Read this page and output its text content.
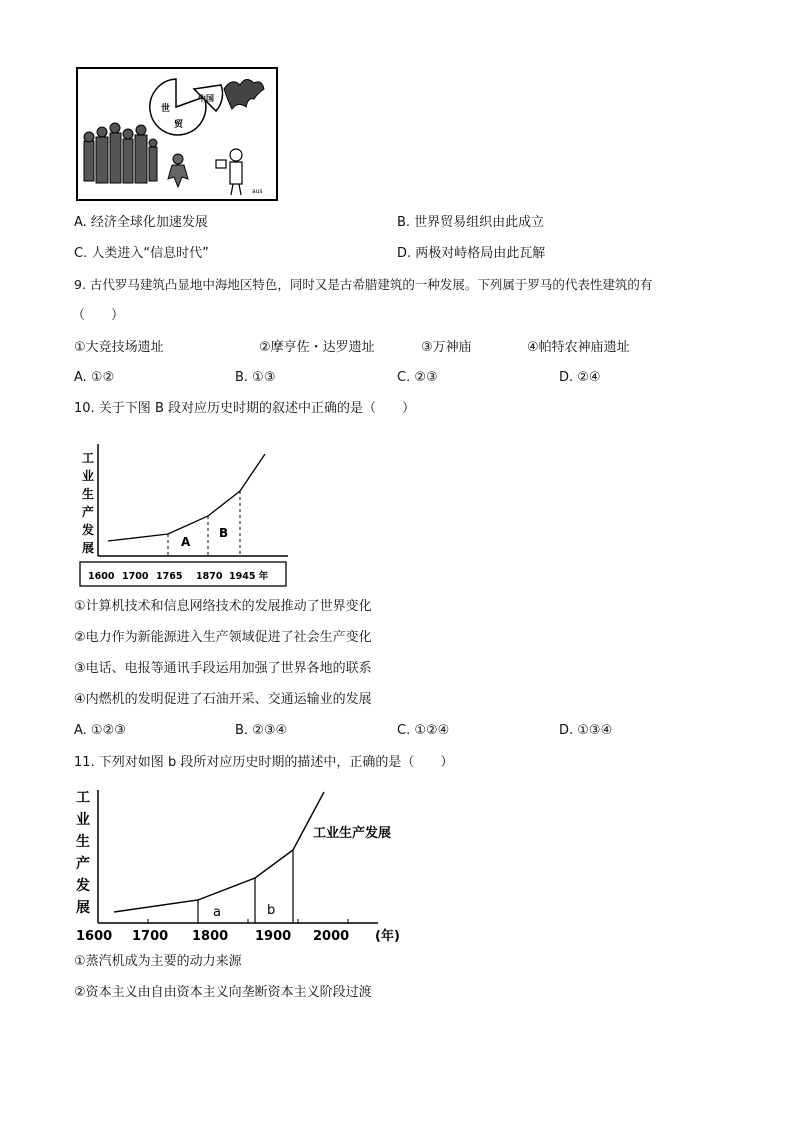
世
贸
中国
aus
A. 经济全球化加速发展	B. 世界贸易组织由此成立
C. 人类进入“信息时代”	D. 两极对峙格局由此瓦解
9. 古代罗马建筑凸显地中海地区特色，同时又是古希腊建筑的一种发展。下列属于罗马的代表性建筑的有
（　　）
①大竞技场遗址	②摩亨佐・达罗遗址	③万神庙	④帕特农神庙遗址
A. ①②	B. ①③	C. ②③	D. ②④
10. 关于下图 B 段对应历史时期的叙述中正确的是（　　）
工
业
生
产
发
展	A
B
1600 1700 1765 1870 1945 年
①计算机技术和信息网络技术的发展推动了世界变化
②电力作为新能源进入生产领域促进了社会生产变化
③电话、电报等通讯手段运用加强了世界各地的联系
④内燃机的发明促进了石油开采、交通运输业的发展
A. ①②③	B. ②③④	C. ①②④	D. ①③④
11. 下列对如图 b 段所对应历史时期的描述中，正确的是（　　）
工
业
生
产
发
展	a	b
工业生产发展
1600 1700 1800 1900 2000 (年)
①蒸汽机成为主要的动力来源
②资本主义由自由资本主义向垄断资本主义阶段过渡
